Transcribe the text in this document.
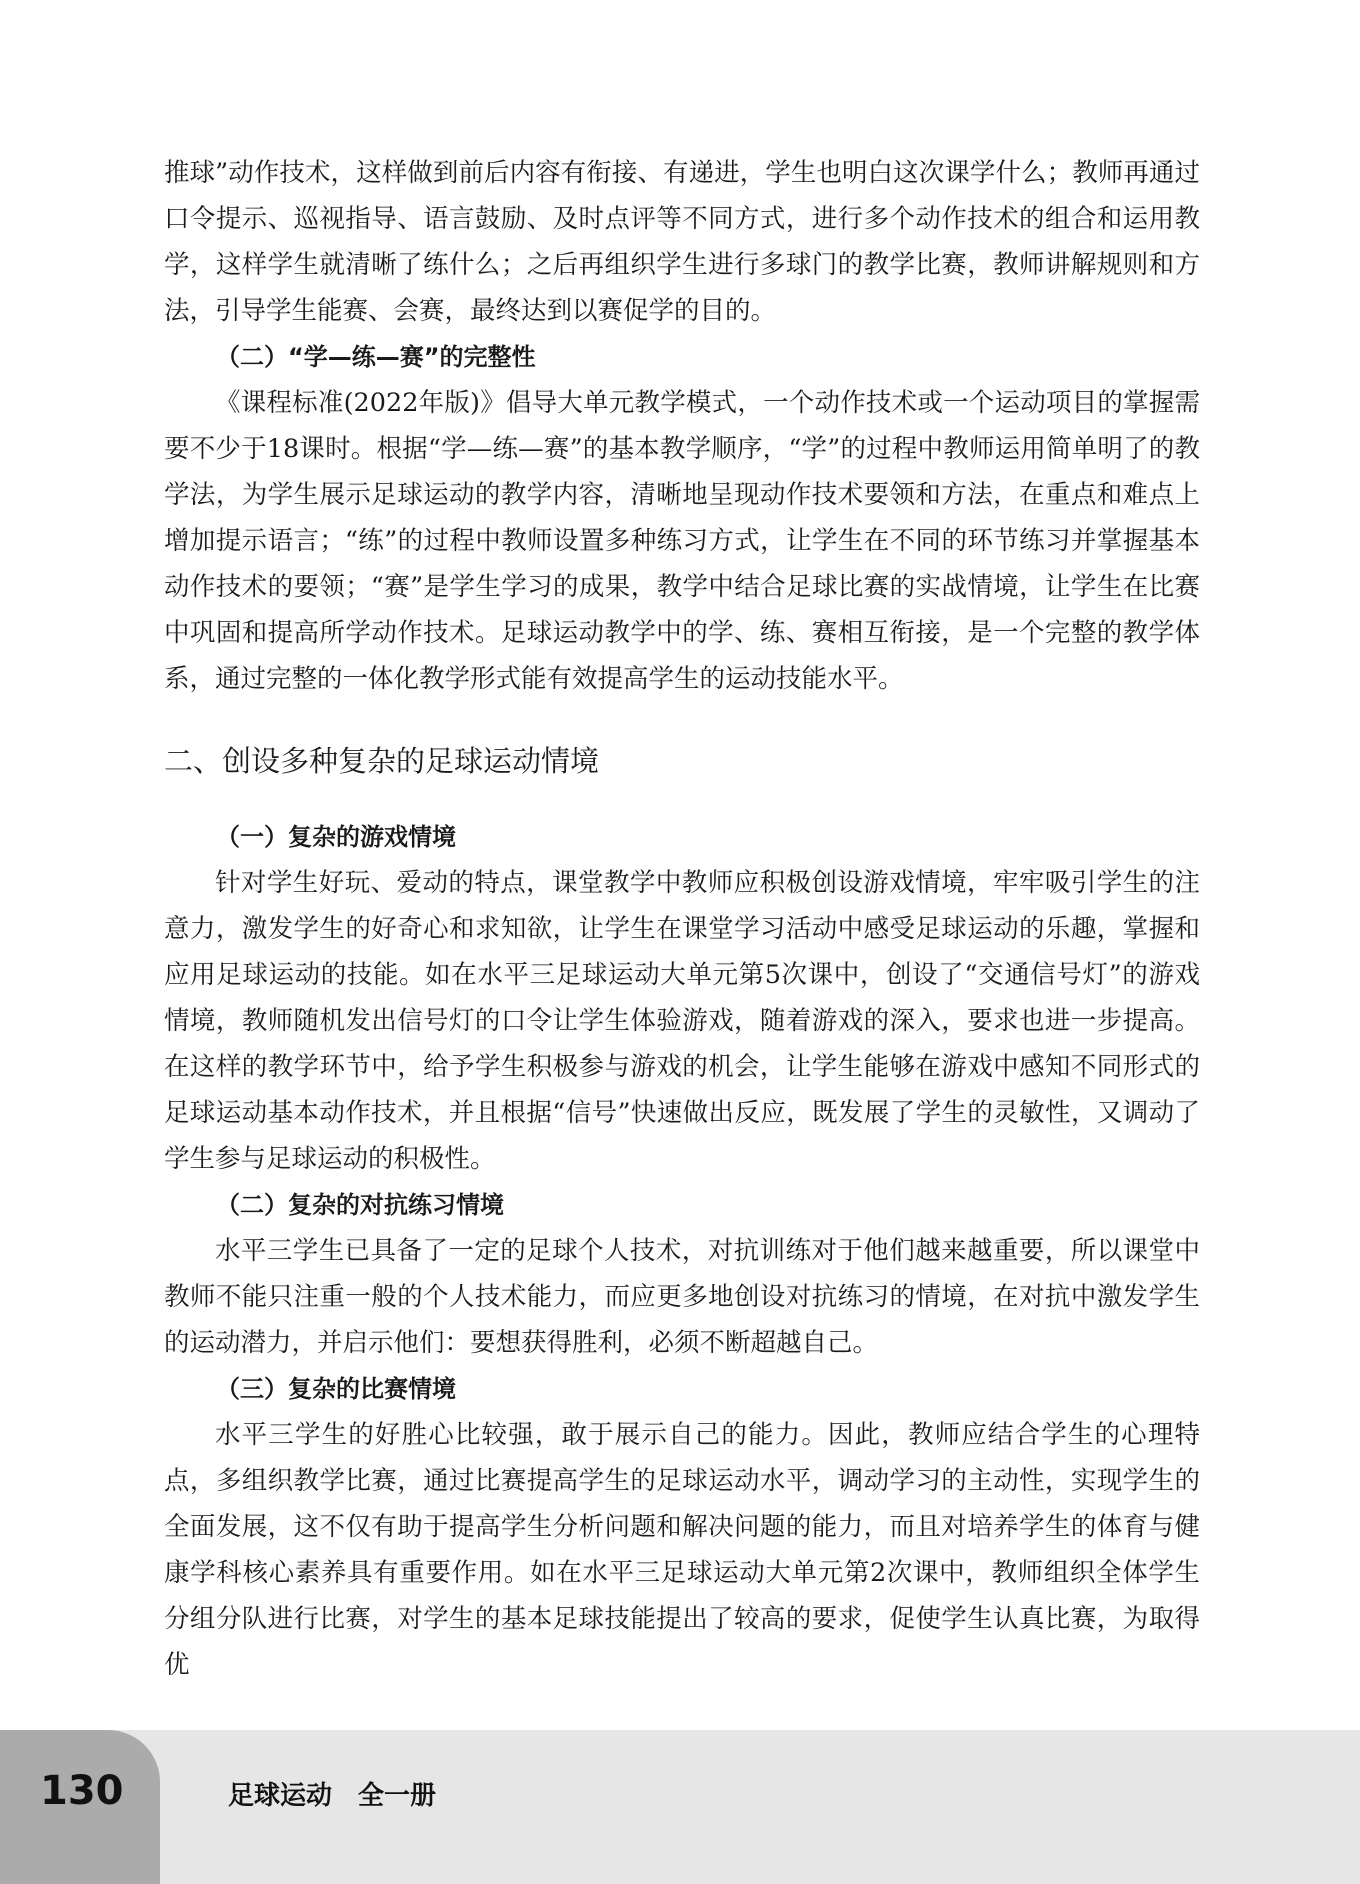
推球”动作技术，这样做到前后内容有衔接、有递进，学生也明白这次课学什么；教师再通过口令提示、巡视指导、语言鼓励、及时点评等不同方式，进行多个动作技术的组合和运用教学，这样学生就清晰了练什么；之后再组织学生进行多球门的教学比赛，教师讲解规则和方法，引导学生能赛、会赛，最终达到以赛促学的目的。

（二）“学—练—赛”的完整性

《课程标准(2022年版)》倡导大单元教学模式，一个动作技术或一个运动项目的掌握需要不少于18课时。根据“学—练—赛”的基本教学顺序，“学”的过程中教师运用简单明了的教学法，为学生展示足球运动的教学内容，清晰地呈现动作技术要领和方法，在重点和难点上增加提示语言；“练”的过程中教师设置多种练习方式，让学生在不同的环节练习并掌握基本动作技术的要领；“赛”是学生学习的成果，教学中结合足球比赛的实战情境，让学生在比赛中巩固和提高所学动作技术。足球运动教学中的学、练、赛相互衔接，是一个完整的教学体系，通过完整的一体化教学形式能有效提高学生的运动技能水平。

二、创设多种复杂的足球运动情境

（一）复杂的游戏情境

针对学生好玩、爱动的特点，课堂教学中教师应积极创设游戏情境，牢牢吸引学生的注意力，激发学生的好奇心和求知欲，让学生在课堂学习活动中感受足球运动的乐趣，掌握和应用足球运动的技能。如在水平三足球运动大单元第5次课中，创设了“交通信号灯”的游戏情境，教师随机发出信号灯的口令让学生体验游戏，随着游戏的深入，要求也进一步提高。在这样的教学环节中，给予学生积极参与游戏的机会，让学生能够在游戏中感知不同形式的足球运动基本动作技术，并且根据“信号”快速做出反应，既发展了学生的灵敏性，又调动了学生参与足球运动的积极性。

（二）复杂的对抗练习情境

水平三学生已具备了一定的足球个人技术，对抗训练对于他们越来越重要，所以课堂中教师不能只注重一般的个人技术能力，而应更多地创设对抗练习的情境，在对抗中激发学生的运动潜力，并启示他们：要想获得胜利，必须不断超越自己。

（三）复杂的比赛情境

水平三学生的好胜心比较强，敢于展示自己的能力。因此，教师应结合学生的心理特点，多组织教学比赛，通过比赛提高学生的足球运动水平，调动学习的主动性，实现学生的全面发展，这不仅有助于提高学生分析问题和解决问题的能力，而且对培养学生的体育与健康学科核心素养具有重要作用。如在水平三足球运动大单元第2次课中，教师组织全体学生分组分队进行比赛，对学生的基本足球技能提出了较高的要求，促使学生认真比赛，为取得优

130	足球运动　全一册
